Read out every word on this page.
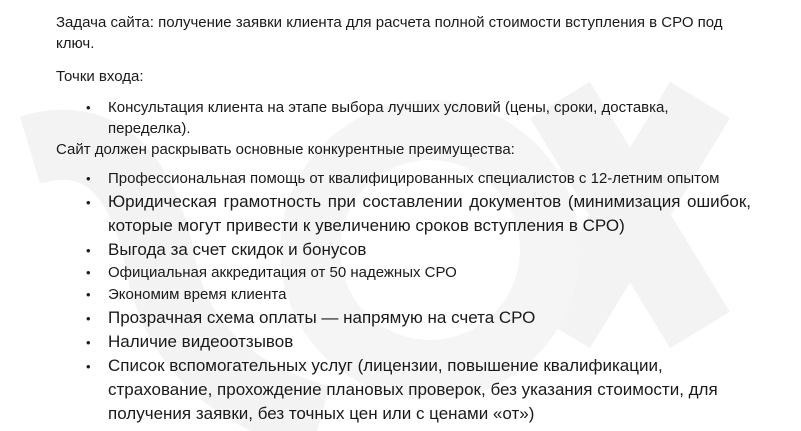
Задача сайта: получение заявки клиента для расчета полной стоимости вступления в СРО под ключ.

Точки входа:

• Консультация клиента на этапе выбора лучших условий (цены, сроки, доставка, переделка).

Сайт должен раскрывать основные конкурентные преимущества:

• Профессиональная помощь от квалифицированных специалистов с 12-летним опытом
• Юридическая грамотность при составлении документов (минимизация ошибок, которые могут привести к увеличению сроков вступления в СРО)
• Выгода за счет скидок и бонусов
• Официальная аккредитация от 50 надежных СРО
• Экономим время клиента
• Прозрачная схема оплаты — напрямую на счета СРО
• Наличие видеоотзывов
• Список вспомогательных услуг (лицензии, повышение квалификации, страхование, прохождение плановых проверок, без указания стоимости, для получения заявки, без точных цен или с ценами «от»)
